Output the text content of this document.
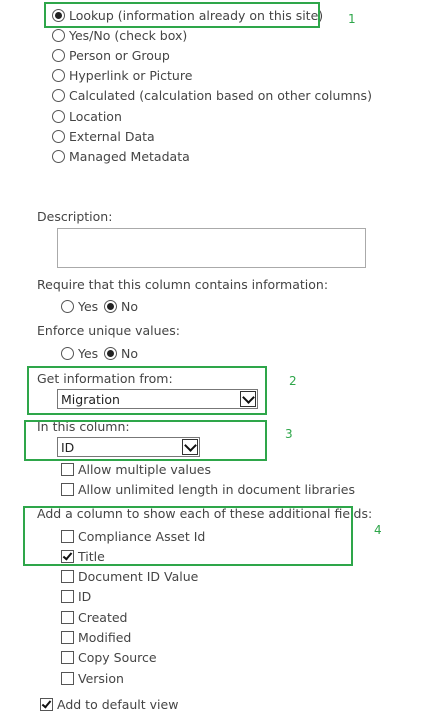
Lookup (information already on this site)
Yes/No (check box)
Person or Group
Hyperlink or Picture
Calculated (calculation based on other columns)
Location
External Data
Managed Metadata
Description:
Require that this column contains information:
Yes No
Enforce unique values:
Yes No
Get information from:
Migration
In this column:
ID
Allow multiple values
Allow unlimited length in document libraries
Add a column to show each of these additional fields:
Compliance Asset Id
Title
Document ID Value
ID
Created
Modified
Copy Source
Version
Add to default view
1
2
3
4
